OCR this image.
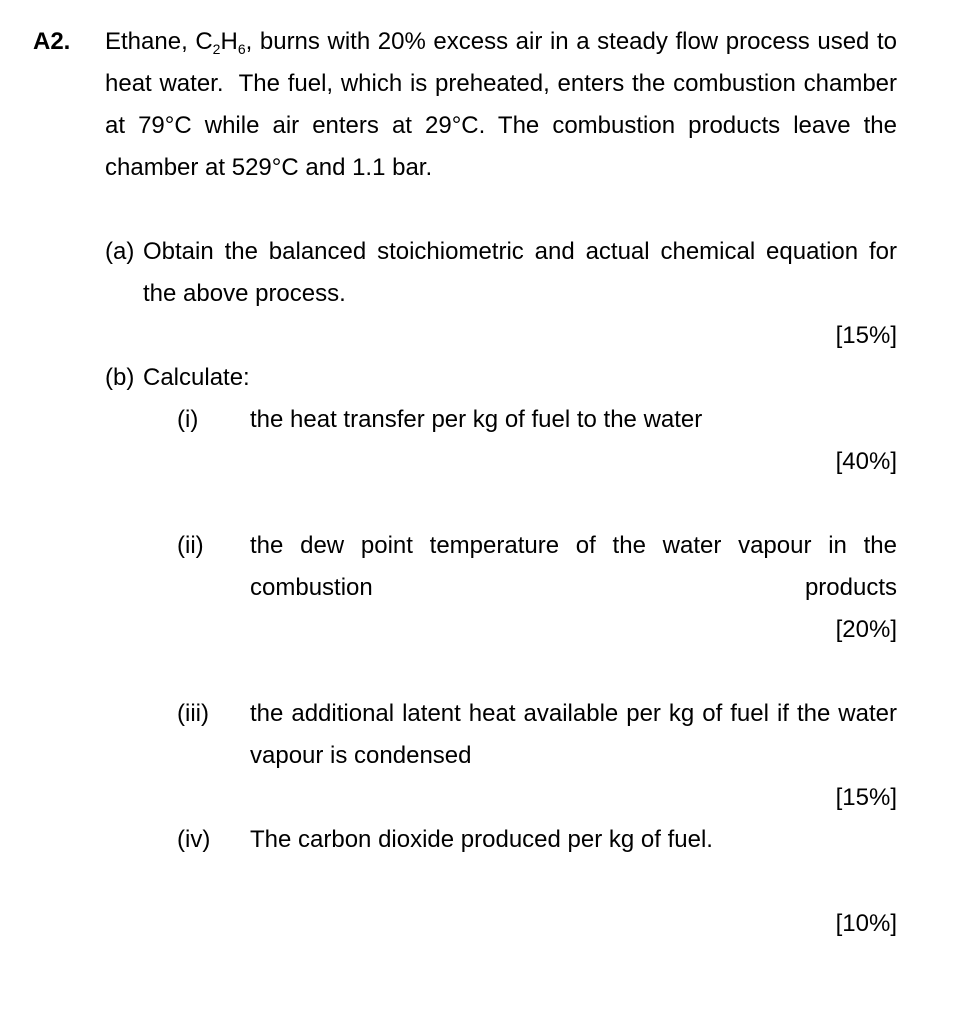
A2.	Ethane, $C_2H_6$, burns with 20% excess air in a steady flow process used to
heat water.  The fuel, which is preheated, enters the combustion chamber
at 79°C while air enters at 29°C. The combustion products leave the
chamber at 529°C and 1.1 bar.
(a) Obtain the balanced stoichiometric and actual chemical equation for
the above process.
[15%]
(b) Calculate:
(i)	the heat transfer per kg of fuel to the water
[40%]
(ii)	the dew point temperature of the water vapour in the
combustion products
[20%]
(iii)	the additional latent heat available per kg of fuel if the water
vapour is condensed
[15%]
(iv)	The carbon dioxide produced per kg of fuel.
[10%]
